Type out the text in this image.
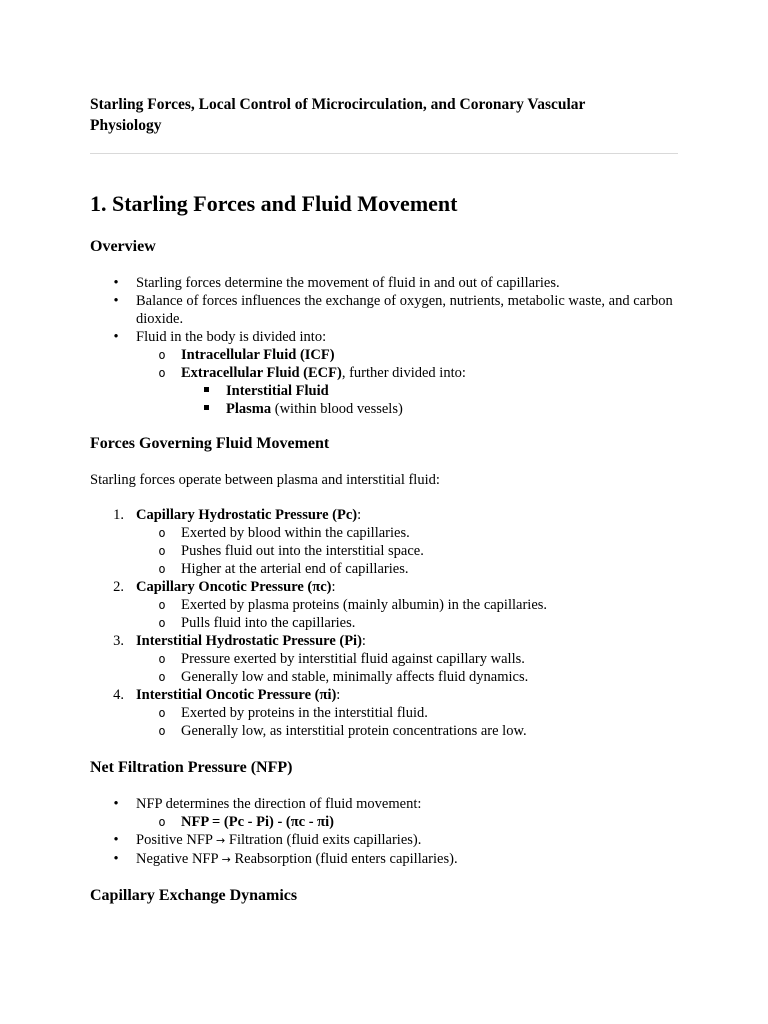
Starling Forces, Local Control of Microcirculation, and Coronary Vascular Physiology

1. Starling Forces and Fluid Movement
Overview
•
Starling forces determine the movement of fluid in and out of capillaries.
•
Balance of forces influences the exchange of oxygen, nutrients, metabolic waste, and carbon dioxide.
•
Fluid in the body is divided into:
o	Intracellular Fluid (ICF)
o	Extracellular Fluid (ECF), further divided into:
Interstitial Fluid
Plasma (within blood vessels)
Forces Governing Fluid Movement

Starling forces operate between plasma and interstitial fluid:

1. Capillary Hydrostatic Pressure (Pc):
o	Exerted by blood within the capillaries.
o	Pushes fluid out into the interstitial space.
o	Higher at the arterial end of capillaries.
2. Capillary Oncotic Pressure (πc):
o	Exerted by plasma proteins (mainly albumin) in the capillaries.
o	Pulls fluid into the capillaries.
3. Interstitial Hydrostatic Pressure (Pi):
o	Pressure exerted by interstitial fluid against capillary walls.
o	Generally low and stable, minimally affects fluid dynamics.
4. Interstitial Oncotic Pressure (πi):
o	Exerted by proteins in the interstitial fluid.
o	Generally low, as interstitial protein concentrations are low.
Net Filtration Pressure (NFP)
•
NFP determines the direction of fluid movement:
o	NFP = (Pc - Pi) - (πc - πi)
•
Positive NFP → Filtration (fluid exits capillaries).
•
Negative NFP → Reabsorption (fluid enters capillaries).
Capillary Exchange Dynamics
